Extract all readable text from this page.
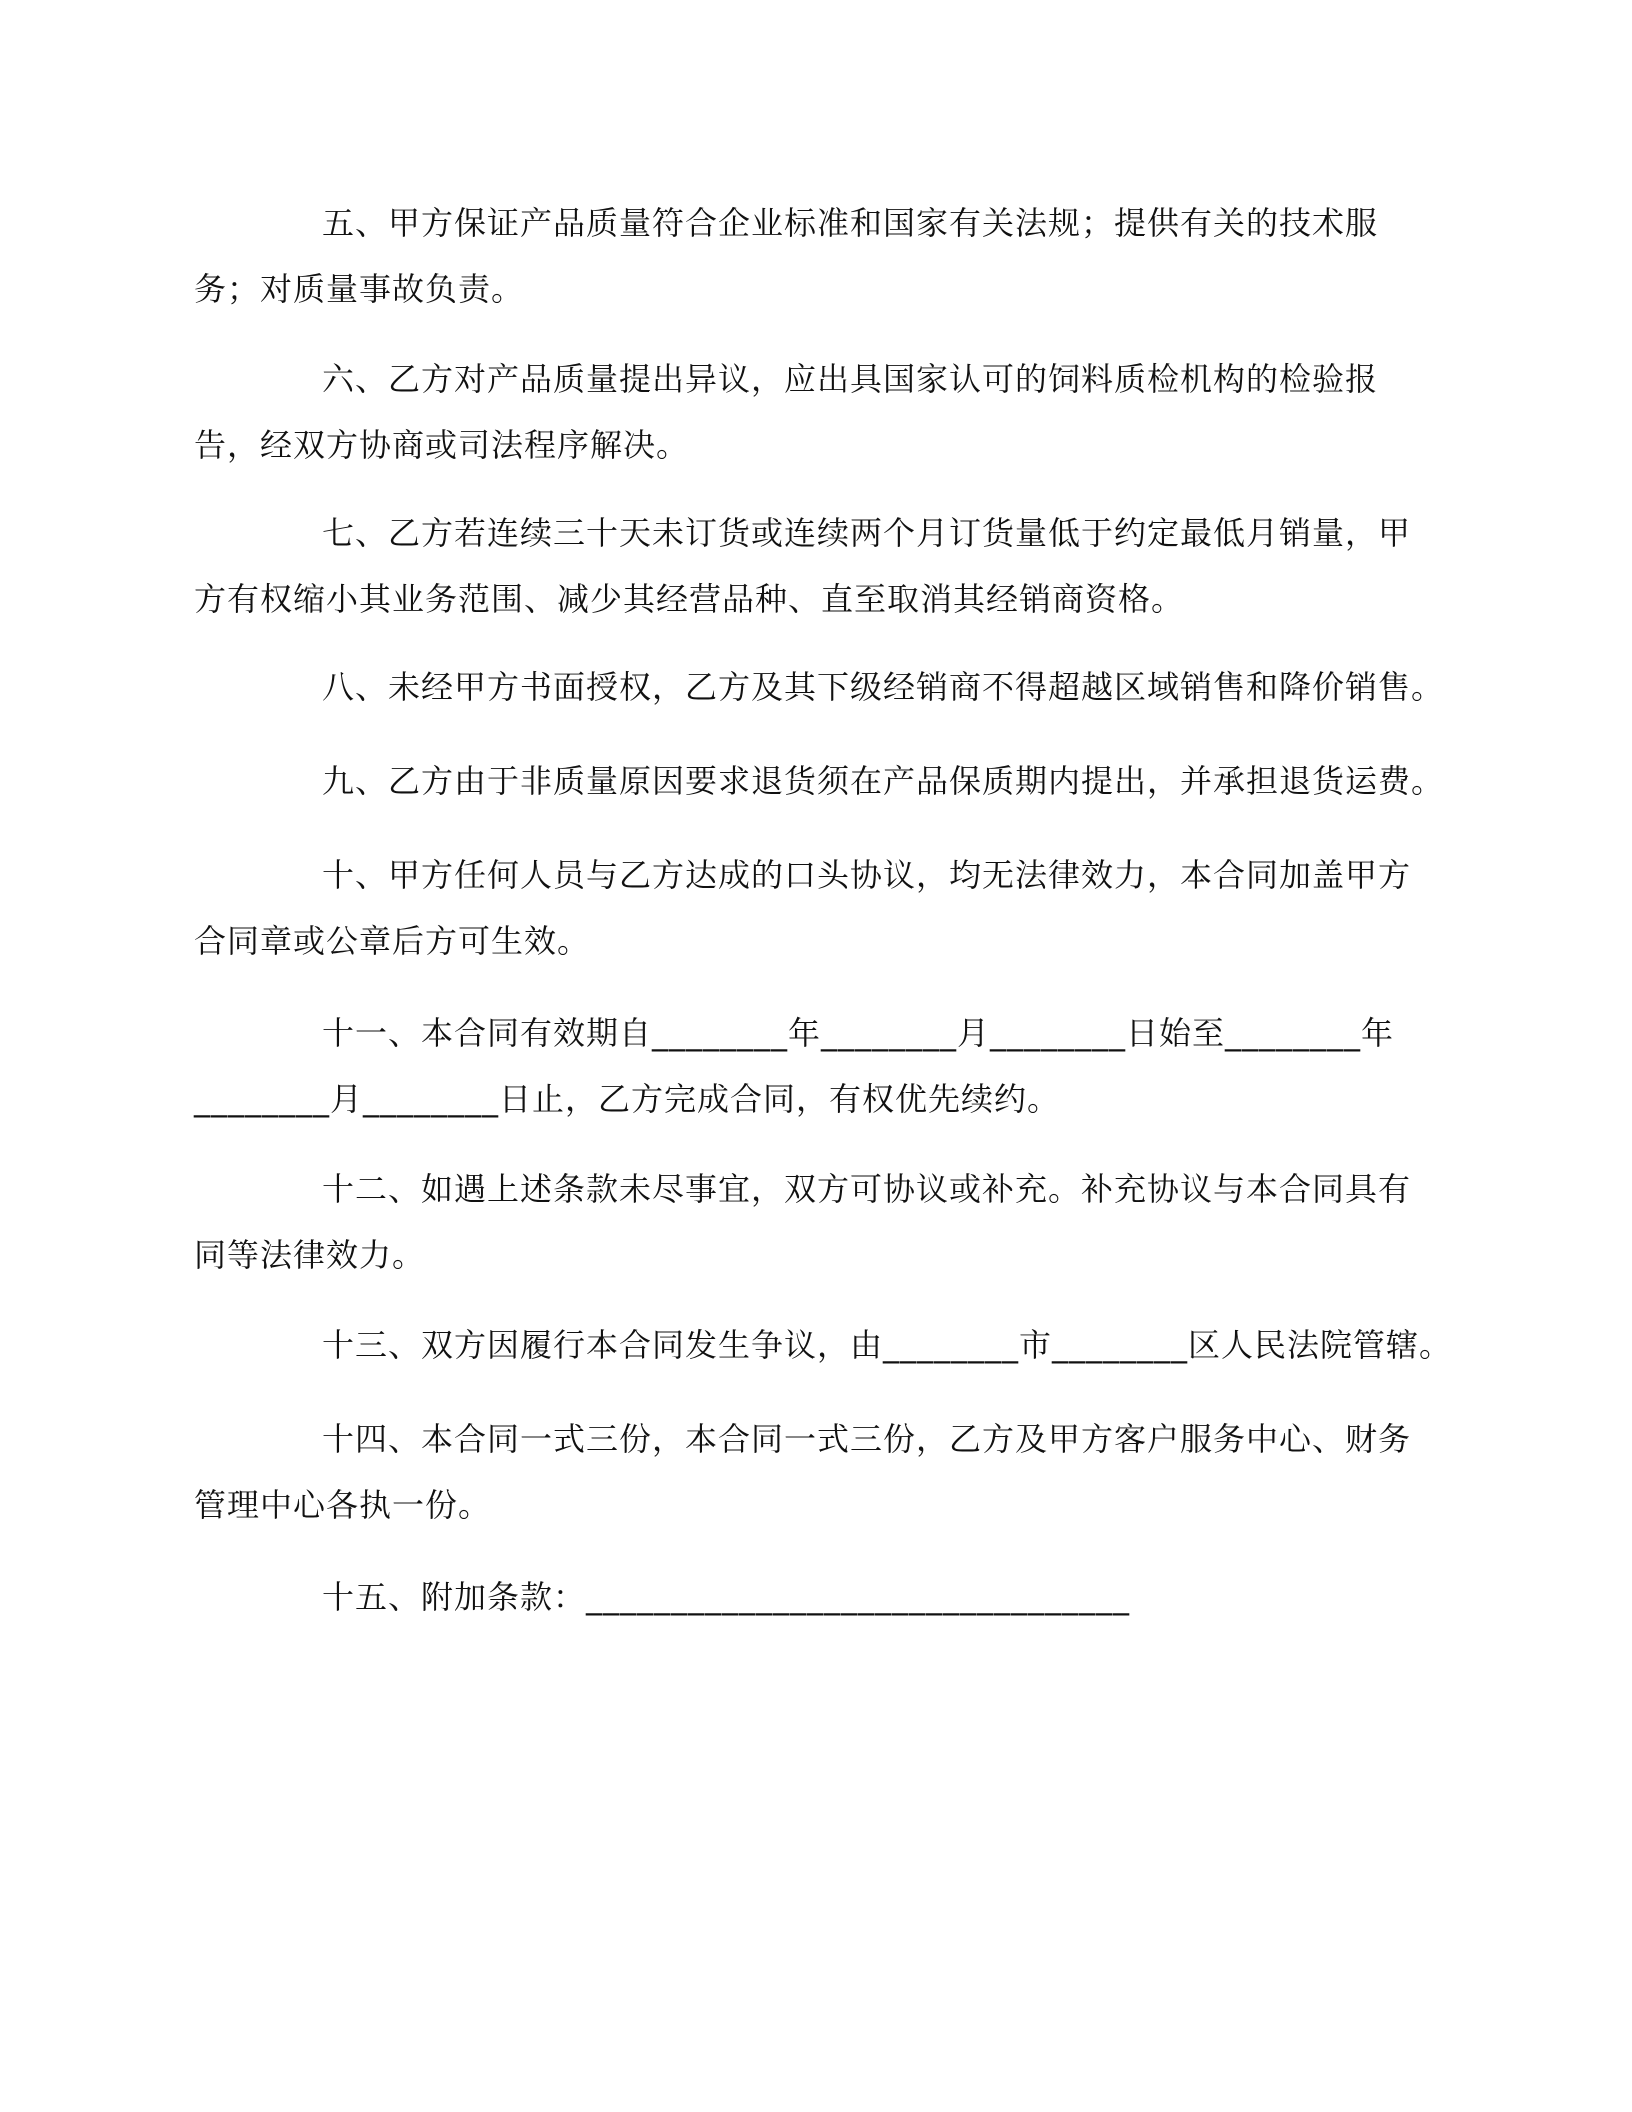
五、甲方保证产品质量符合企业标准和国家有关法规；提供有关的技术服务；对质量事故负责。

六、乙方对产品质量提出异议，应出具国家认可的饲料质检机构的检验报告，经双方协商或司法程序解决。

七、乙方若连续三十天未订货或连续两个月订货量低于约定最低月销量，甲方有权缩小其业务范围、减少其经营品种、直至取消其经销商资格。

八、未经甲方书面授权，乙方及其下级经销商不得超越区域销售和降价销售。

九、乙方由于非质量原因要求退货须在产品保质期内提出，并承担退货运费。

十、甲方任何人员与乙方达成的口头协议，均无法律效力，本合同加盖甲方合同章或公章后方可生效。

十一、本合同有效期自________年________月________日始至________年________月________日止，乙方完成合同，有权优先续约。

十二、如遇上述条款未尽事宜，双方可协议或补充。补充协议与本合同具有同等法律效力。

十三、双方因履行本合同发生争议，由________市________区人民法院管辖。

十四、本合同一式三份，本合同一式三份，乙方及甲方客户服务中心、财务管理中心各执一份。

十五、附加条款：________________________________
